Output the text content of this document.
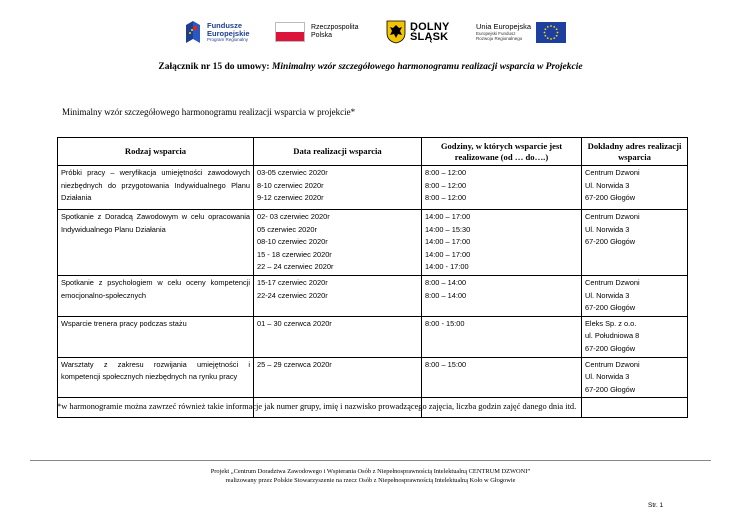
Fundusze
Europejskie
Program Regionalny
Rzeczpospolita
Polska
DOLNY
ŚLĄSK
Unia Europejska
Europejski Fundusz
Rozwoju Regionalnego
Załącznik nr 15 do umowy: Minimalny wzór szczegółowego harmonogramu realizacji wsparcia w Projekcie
Minimalny wzór szczegółowego harmonogramu realizacji wsparcia w projekcie*
Rodzaj wsparcia	Data realizacji wsparcia	Godziny, w których wsparcie jest realizowane (od … do….)	Dokładny adres realizacji wsparcia
Próbki pracy – weryfikacja umiejętności zawodowych niezbędnych do przygotowania Indywidualnego Planu Działania	03-05 czerwiec 2020r
8-10 czerwiec 2020r
9-12 czerwiec 2020r	8:00 – 12:00
8:00 – 12:00
8:00 – 12:00	Centrum Dzwoni
Ul. Norwida 3
67-200 Głogów

Spotkanie z Doradcą Zawodowym w celu opracowania Indywidualnego Planu Działania	02- 03 czerwiec 2020r
05 czerwiec 2020r
08-10 czerwiec 2020r
15 - 18 czerwiec 2020r
22 – 24 czerwiec 2020r	14:00 – 17:00
14:00 – 15:30
14:00 – 17:00
14:00 – 17:00
14:00 - 17:00	Centrum Dzwoni
Ul. Norwida 3
67-200 Głogów

Spotkanie z psychologiem w celu oceny kompetencji emocjonalno-społecznych	15-17 czerwiec 2020r
22-24 czerwiec 2020r	8:00 – 14:00
8:00 – 14:00	Centrum Dzwoni
Ul. Norwida 3
67-200 Głogów

Wsparcie trenera pracy podczas stażu	01 – 30 czerwca 2020r	8:00 - 15:00	Eleks Sp. z o.o.
ul. Południowa 8
67-200 Głogów

Warsztaty z zakresu rozwijania umiejętności i kompetencji społecznych niezbędnych na rynku pracy	25 – 29 czerwca 2020r	8:00 – 15:00	Centrum Dzwoni
Ul. Norwida 3
67-200 Głogów

*w harmonogramie można zawrzeć również takie informacje jak numer grupy, imię i nazwisko prowadzącego zajęcia, liczba godzin zajęć danego dnia itd.
Projekt „Centrum Doradztwa Zawodowego i Wspierania Osób z Niepełnosprawnością Intelektualną CENTRUM DZWONI”
realizowany przez Polskie Stowarzyszenie na rzecz Osób z Niepełnosprawnością Intelektualną Koło w Głogowie
Str. 1
